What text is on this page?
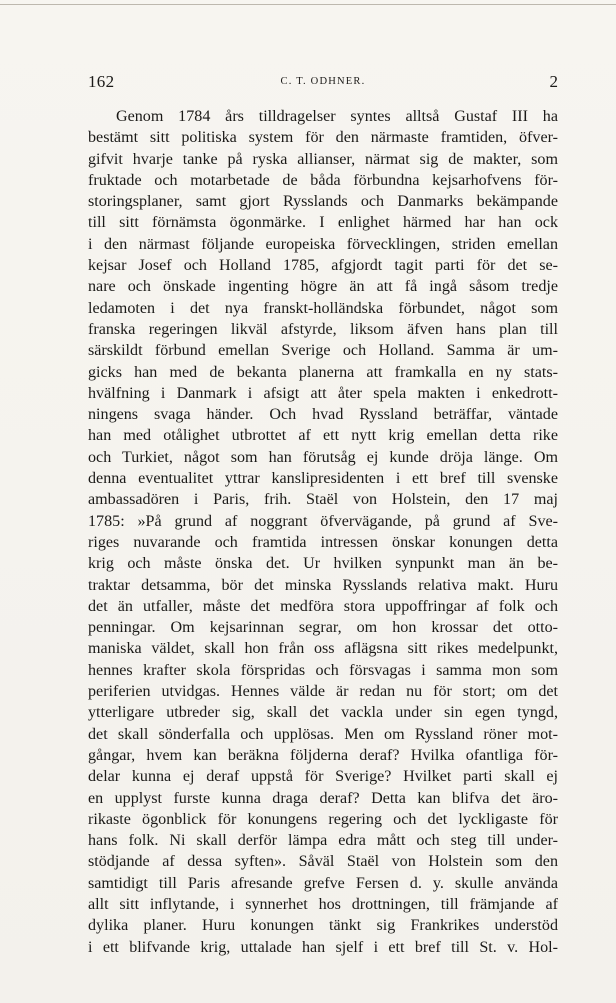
162	C. T. ODHNER.	2
Genom 1784 års tilldragelser syntes alltså Gustaf III ha
bestämt sitt politiska system för den närmaste framtiden, öfver-
gifvit hvarje tanke på ryska allianser, närmat sig de makter, som
fruktade och motarbetade de båda förbundna kejsarhofvens för-
storingsplaner, samt gjort Rysslands och Danmarks bekämpande
till sitt förnämsta ögonmärke. I enlighet härmed har han ock
i den närmast följande europeiska förvecklingen, striden emellan
kejsar Josef och Holland 1785, afgjordt tagit parti för det se-
nare och önskade ingenting högre än att få ingå såsom tredje
ledamoten i det nya franskt-holländska förbundet, något som
franska regeringen likväl afstyrde, liksom äfven hans plan till
särskildt förbund emellan Sverige och Holland. Samma är um-
gicks han med de bekanta planerna att framkalla en ny stats-
hvälfning i Danmark i afsigt att åter spela makten i enkedrott-
ningens svaga händer. Och hvad Ryssland beträffar, väntade
han med otålighet utbrottet af ett nytt krig emellan detta rike
och Turkiet, något som han förutsåg ej kunde dröja länge. Om
denna eventualitet yttrar kanslipresidenten i ett bref till svenske
ambassadören i Paris, frih. Staël von Holstein, den 17 maj
1785: »På grund af noggrant öfvervägande, på grund af Sve-
riges nuvarande och framtida intressen önskar konungen detta
krig och måste önska det. Ur hvilken synpunkt man än be-
traktar detsamma, bör det minska Rysslands relativa makt. Huru
det än utfaller, måste det medföra stora uppoffringar af folk och
penningar. Om kejsarinnan segrar, om hon krossar det otto-
maniska väldet, skall hon från oss aflägsna sitt rikes medelpunkt,
hennes krafter skola förspridas och försvagas i samma mon som
periferien utvidgas. Hennes välde är redan nu för stort; om det
ytterligare utbreder sig, skall det vackla under sin egen tyngd,
det skall sönderfalla och upplösas. Men om Ryssland röner mot-
gångar, hvem kan beräkna följderna deraf? Hvilka ofantliga för-
delar kunna ej deraf uppstå för Sverige? Hvilket parti skall ej
en upplyst furste kunna draga deraf? Detta kan blifva det äro-
rikaste ögonblick för konungens regering och det lyckligaste för
hans folk. Ni skall derför lämpa edra mått och steg till under-
stödjande af dessa syften». Såväl Staël von Holstein som den
samtidigt till Paris afresande grefve Fersen d. y. skulle använda
allt sitt inflytande, i synnerhet hos drottningen, till främjande af
dylika planer. Huru konungen tänkt sig Frankrikes understöd
i ett blifvande krig, uttalade han sjelf i ett bref till St. v. Hol-
